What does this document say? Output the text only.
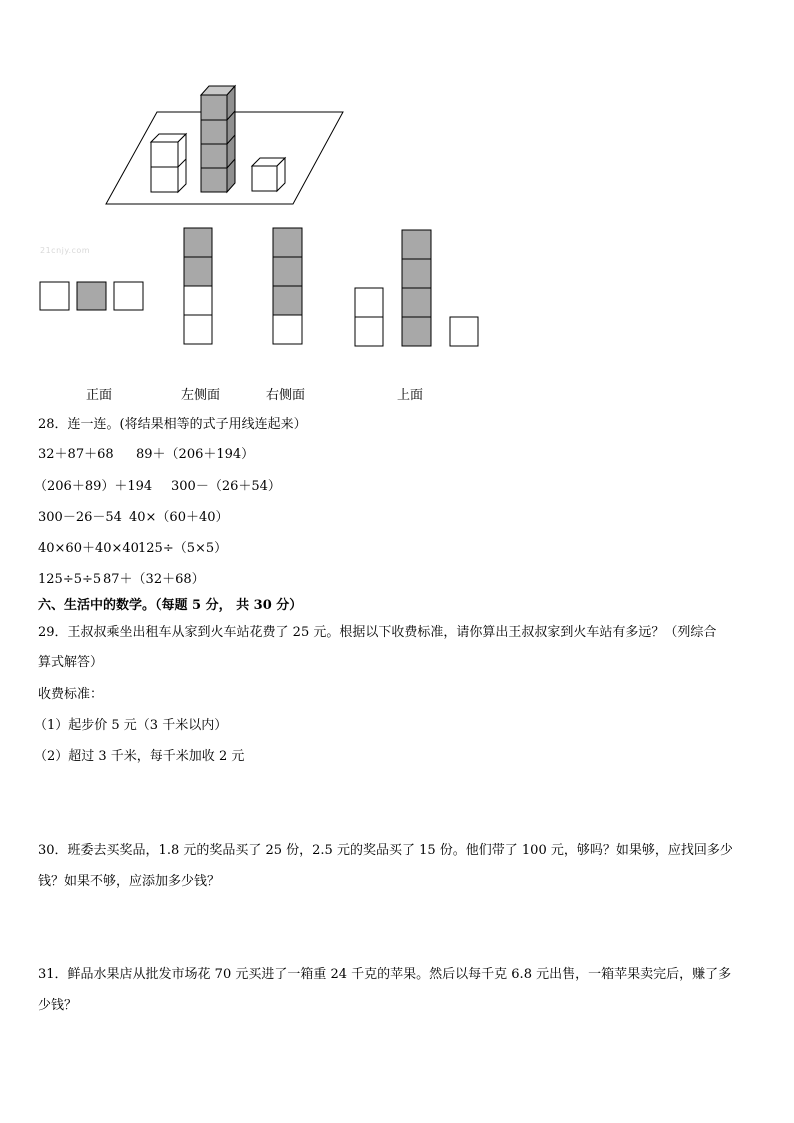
21cnjy.com
正面	左侧面	右侧面	上面
28．连一连。(将结果相等的式子用线连起来）
32＋87＋68 89＋（206＋194）
（206＋89）＋194 300－（26＋54）
300－26－54 40×（60＋40）
40×60＋40×40 125÷（5×5）
125÷5÷5 87＋（32＋68）
六、生活中的数学。（每题 5 分， 共 30 分）
29．王叔叔乘坐出租车从家到火车站花费了 25 元。根据以下收费标准，请你算出王叔叔家到火车站有多远？（列综合
算式解答）
收费标准：
（1）起步价 5 元（3 千米以内）
（2）超过 3 千米，每千米加收 2 元
30．班委去买奖品，1.8 元的奖品买了 25 份，2.5 元的奖品买了 15 份。他们带了 100 元，够吗？如果够，应找回多少
钱？如果不够，应添加多少钱？
31．鲜品水果店从批发市场花 70 元买进了一箱重 24 千克的苹果。然后以每千克 6.8 元出售，一箱苹果卖完后，赚了多
少钱？
